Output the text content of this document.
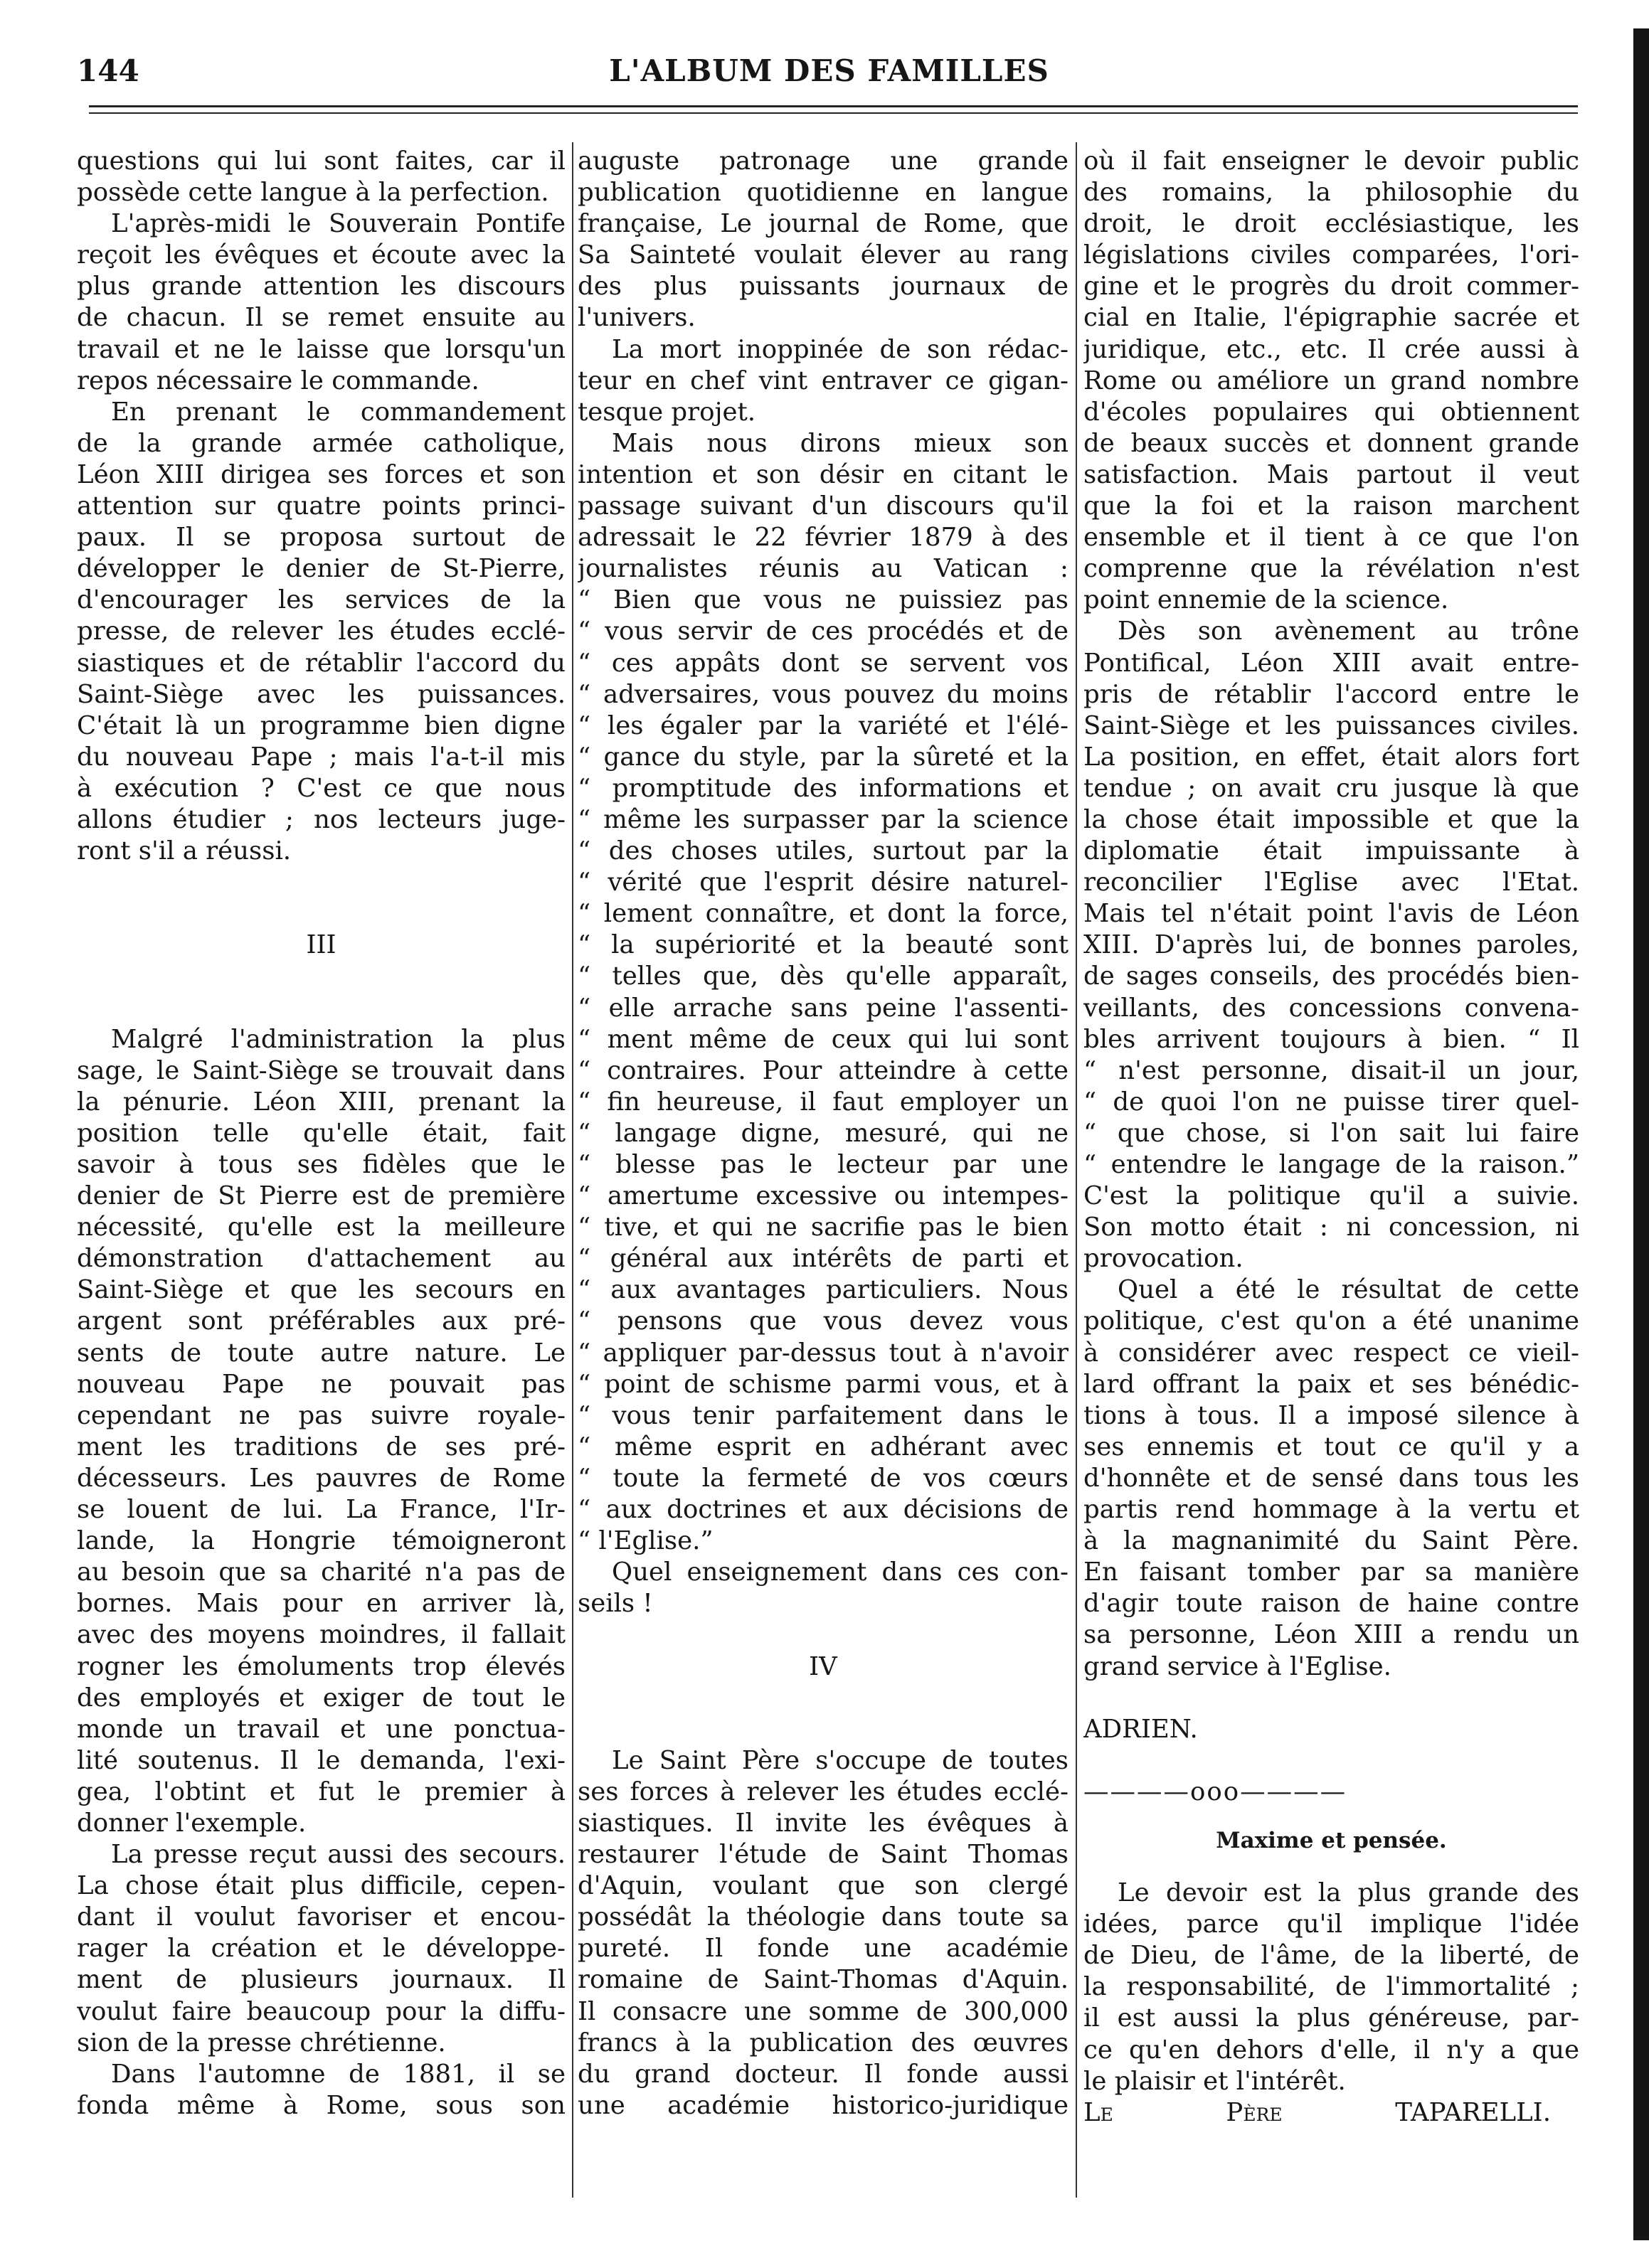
144	L'ALBUM DES FAMILLES

questions qui lui sont faites, car il

possède cette langue à la perfection.

L'après-midi le Souverain Pontife

reçoit les évêques et écoute avec la

plus grande attention les discours

de chacun. Il se remet ensuite au

travail et ne le laisse que lorsqu'un

repos nécessaire le commande.

En prenant le commandement

de la grande armée catholique,

Léon XIII dirigea ses forces et son

attention sur quatre points princi-

paux. Il se proposa surtout de

développer le denier de St-Pierre,

d'encourager les services de la

presse, de relever les études ecclé-

siastiques et de rétablir l'accord du

Saint-Siège avec les puissances.

C'était là un programme bien digne

du nouveau Pape ; mais l'a-t-il mis

à exécution ? C'est ce que nous

allons étudier ; nos lecteurs juge-

ront s'il a réussi.

III

Malgré l'administration la plus

sage, le Saint-Siège se trouvait dans

la pénurie. Léon XIII, prenant la

position telle qu'elle était, fait

savoir à tous ses fidèles que le

denier de St Pierre est de première

nécessité, qu'elle est la meilleure

démonstration d'attachement au

Saint-Siège et que les secours en

argent sont préférables aux pré-

sents de toute autre nature. Le

nouveau Pape ne pouvait pas

cependant ne pas suivre royale-

ment les traditions de ses pré-

décesseurs. Les pauvres de Rome

se louent de lui. La France, l'Ir-

lande, la Hongrie témoigneront

au besoin que sa charité n'a pas de

bornes. Mais pour en arriver là,

avec des moyens moindres, il fallait

rogner les émoluments trop élevés

des employés et exiger de tout le

monde un travail et une ponctua-

lité soutenus. Il le demanda, l'exi-

gea, l'obtint et fut le premier à

donner l'exemple.

La presse reçut aussi des secours.

La chose était plus difficile, cepen-

dant il voulut favoriser et encou-

rager la création et le développe-

ment de plusieurs journaux. Il

voulut faire beaucoup pour la diffu-

sion de la presse chrétienne.

Dans l'automne de 1881, il se

fonda même à Rome, sous son

auguste patronage une grande

publication quotidienne en langue

française, Le journal de Rome, que

Sa Sainteté voulait élever au rang

des plus puissants journaux de

l'univers.

La mort inoppinée de son rédac-

teur en chef vint entraver ce gigan-

tesque projet.

Mais nous dirons mieux son

intention et son désir en citant le

passage suivant d'un discours qu'il

adressait le 22 février 1879 à des

journalistes réunis au Vatican :

“ Bien que vous ne puissiez pas

“ vous servir de ces procédés et de

“ ces appâts dont se servent vos

“ adversaires, vous pouvez du moins

“ les égaler par la variété et l'élé-

“ gance du style, par la sûreté et la

“ promptitude des informations et

“ même les surpasser par la science

“ des choses utiles, surtout par la

“ vérité que l'esprit désire naturel-

“ lement connaître, et dont la force,

“ la supériorité et la beauté sont

“ telles que, dès qu'elle apparaît,

“ elle arrache sans peine l'assenti-

“ ment même de ceux qui lui sont

“ contraires. Pour atteindre à cette

“ fin heureuse, il faut employer un

“ langage digne, mesuré, qui ne

“ blesse pas le lecteur par une

“ amertume excessive ou intempes-

“ tive, et qui ne sacrifie pas le bien

“ général aux intérêts de parti et

“ aux avantages particuliers. Nous

“ pensons que vous devez vous

“ appliquer par-dessus tout à n'avoir

“ point de schisme parmi vous, et à

“ vous tenir parfaitement dans le

“ même esprit en adhérant avec

“ toute la fermeté de vos cœurs

“ aux doctrines et aux décisions de

“ l'Eglise.”

Quel enseignement dans ces con-

seils !

IV

Le Saint Père s'occupe de toutes

ses forces à relever les études ecclé-

siastiques. Il invite les évêques à

restaurer l'étude de Saint Thomas

d'Aquin, voulant que son clergé

possédât la théologie dans toute sa

pureté. Il fonde une académie

romaine de Saint-Thomas d'Aquin.

Il consacre une somme de 300,000

francs à la publication des œuvres

du grand docteur. Il fonde aussi

une académie historico-juridique

où il fait enseigner le devoir public

des romains, la philosophie du

droit, le droit ecclésiastique, les

législations civiles comparées, l'ori-

gine et le progrès du droit commer-

cial en Italie, l'épigraphie sacrée et

juridique, etc., etc. Il crée aussi à

Rome ou améliore un grand nombre

d'écoles populaires qui obtiennent

de beaux succès et donnent grande

satisfaction. Mais partout il veut

que la foi et la raison marchent

ensemble et il tient à ce que l'on

comprenne que la révélation n'est

point ennemie de la science.

Dès son avènement au trône

Pontifical, Léon XIII avait entre-

pris de rétablir l'accord entre le

Saint-Siège et les puissances civiles.

La position, en effet, était alors fort

tendue ; on avait cru jusque là que

la chose était impossible et que la

diplomatie était impuissante à

reconcilier l'Eglise avec l'Etat.

Mais tel n'était point l'avis de Léon

XIII. D'après lui, de bonnes paroles,

de sages conseils, des procédés bien-

veillants, des concessions convena-

bles arrivent toujours à bien. “ Il

“ n'est personne, disait-il un jour,

“ de quoi l'on ne puisse tirer quel-

“ que chose, si l'on sait lui faire

“ entendre le langage de la raison.”

C'est la politique qu'il a suivie.

Son motto était : ni concession, ni

provocation.

Quel a été le résultat de cette

politique, c'est qu'on a été unanime

à considérer avec respect ce vieil-

lard offrant la paix et ses bénédic-

tions à tous. Il a imposé silence à

ses ennemis et tout ce qu'il y a

d'honnête et de sensé dans tous les

partis rend hommage à la vertu et

à la magnanimité du Saint Père.

En faisant tomber par sa manière

d'agir toute raison de haine contre

sa personne, Léon XIII a rendu un

grand service à l'Eglise.

ADRIEN.

————ooo————

Maxime et pensée.

Le devoir est la plus grande des

idées, parce qu'il implique l'idée

de Dieu, de l'âme, de la liberté, de

la responsabilité, de l'immortalité ;

il est aussi la plus généreuse, par-

ce qu'en dehors d'elle, il n'y a que

le plaisir et l'intérêt.

Le Père TAPARELLI.
